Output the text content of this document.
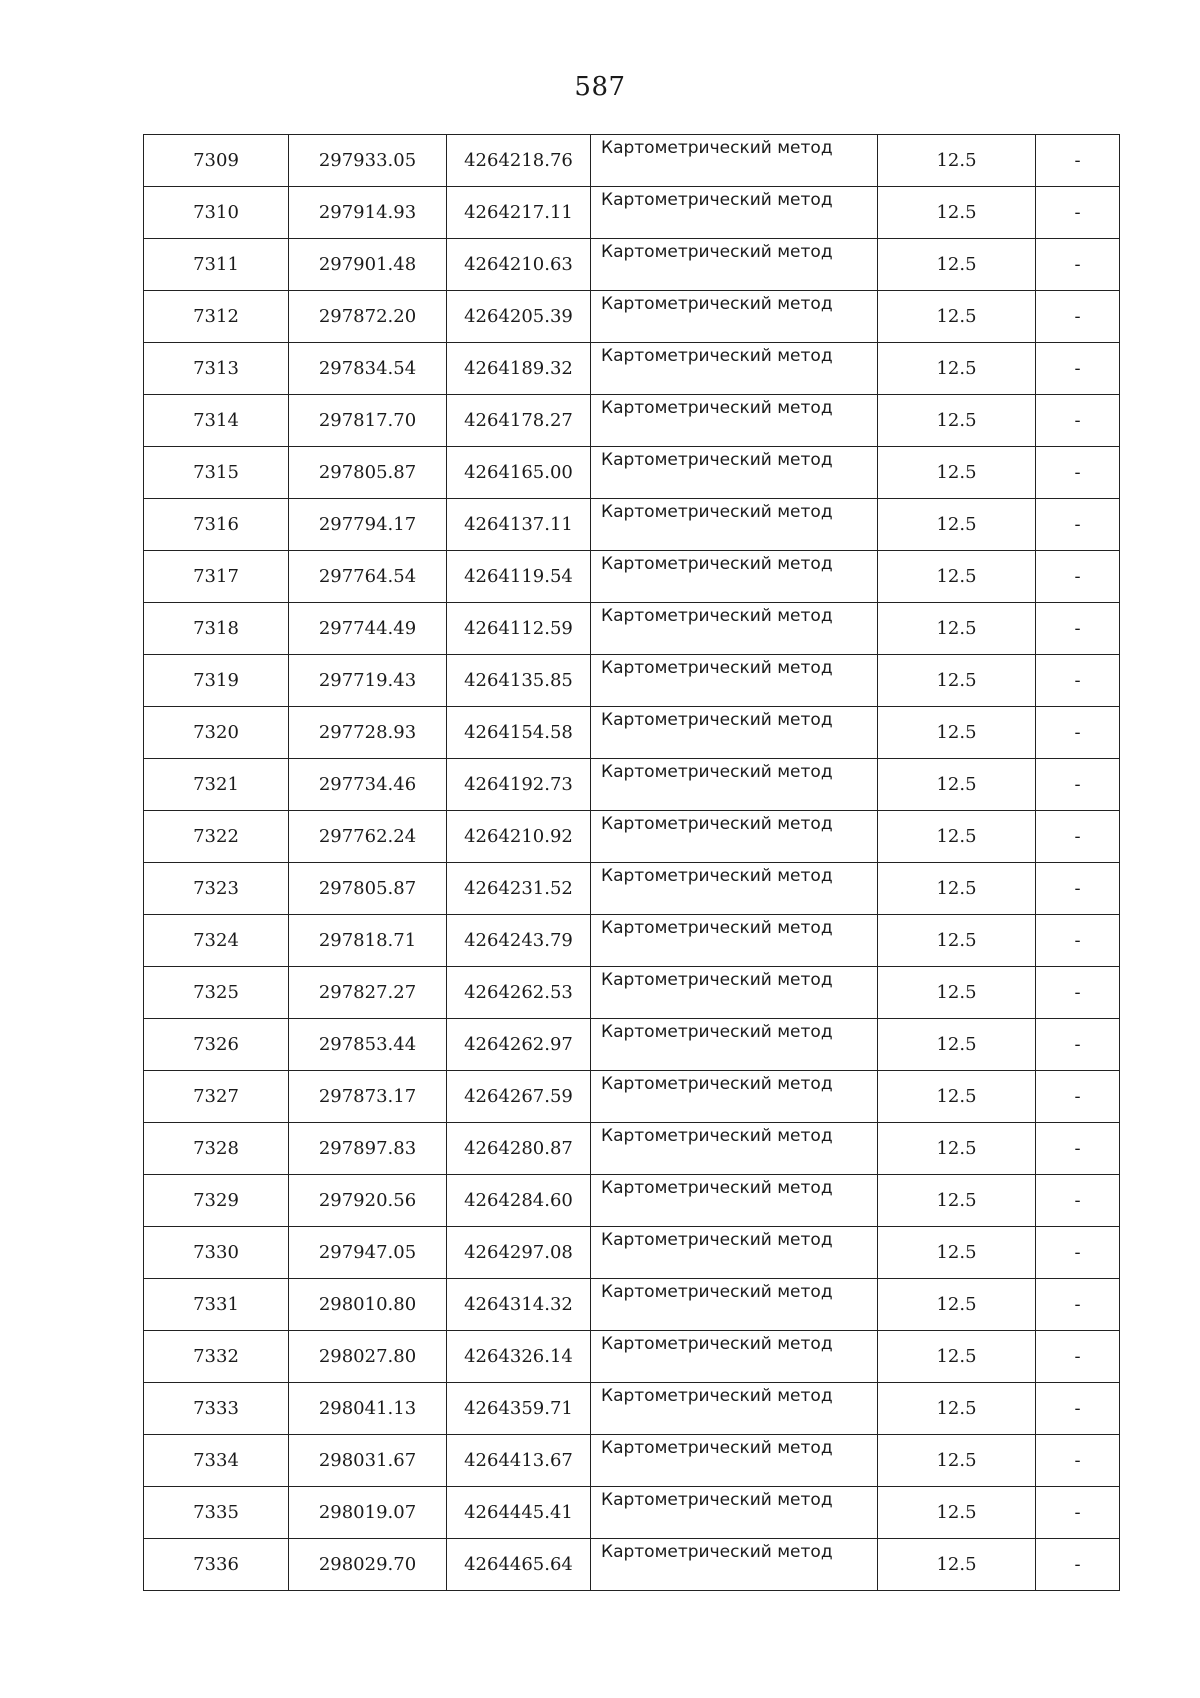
587
7309	297933.05	4264218.76	Картометрический метод	12.5	-
7310	297914.93	4264217.11	Картометрический метод	12.5	-
7311	297901.48	4264210.63	Картометрический метод	12.5	-
7312	297872.20	4264205.39	Картометрический метод	12.5	-
7313	297834.54	4264189.32	Картометрический метод	12.5	-
7314	297817.70	4264178.27	Картометрический метод	12.5	-
7315	297805.87	4264165.00	Картометрический метод	12.5	-
7316	297794.17	4264137.11	Картометрический метод	12.5	-
7317	297764.54	4264119.54	Картометрический метод	12.5	-
7318	297744.49	4264112.59	Картометрический метод	12.5	-
7319	297719.43	4264135.85	Картометрический метод	12.5	-
7320	297728.93	4264154.58	Картометрический метод	12.5	-
7321	297734.46	4264192.73	Картометрический метод	12.5	-
7322	297762.24	4264210.92	Картометрический метод	12.5	-
7323	297805.87	4264231.52	Картометрический метод	12.5	-
7324	297818.71	4264243.79	Картометрический метод	12.5	-
7325	297827.27	4264262.53	Картометрический метод	12.5	-
7326	297853.44	4264262.97	Картометрический метод	12.5	-
7327	297873.17	4264267.59	Картометрический метод	12.5	-
7328	297897.83	4264280.87	Картометрический метод	12.5	-
7329	297920.56	4264284.60	Картометрический метод	12.5	-
7330	297947.05	4264297.08	Картометрический метод	12.5	-
7331	298010.80	4264314.32	Картометрический метод	12.5	-
7332	298027.80	4264326.14	Картометрический метод	12.5	-
7333	298041.13	4264359.71	Картометрический метод	12.5	-
7334	298031.67	4264413.67	Картометрический метод	12.5	-
7335	298019.07	4264445.41	Картометрический метод	12.5	-
7336	298029.70	4264465.64	Картометрический метод	12.5	-
